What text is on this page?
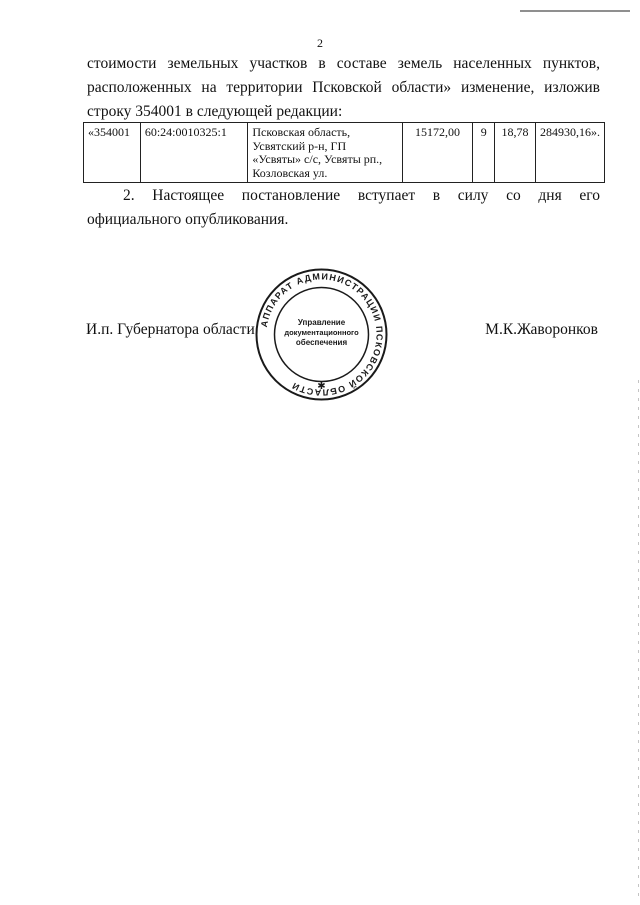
2
стоимости земельных участков в составе земель населенных пунктов,
расположенных на территории Псковской области» изменение, изложив
строку 354001 в следующей редакции:
«354001	60:24:0010325:1	Псковская область,
Усвятский р-н, ГП
«Усвяты» с/с, Усвяты рп.,
Козловская ул.
	15172,00	9	18,78	284930,16».
2. Настоящее постановление вступает в силу со дня его
официального опубликования.
И.п. Губернатора области	М.К.Жаворонков
АППАРАТ АДМИНИСТРАЦИИ ПСКОВСКОЙ ОБЛАСТИ
Управление
документационного
обеспечения
✱
